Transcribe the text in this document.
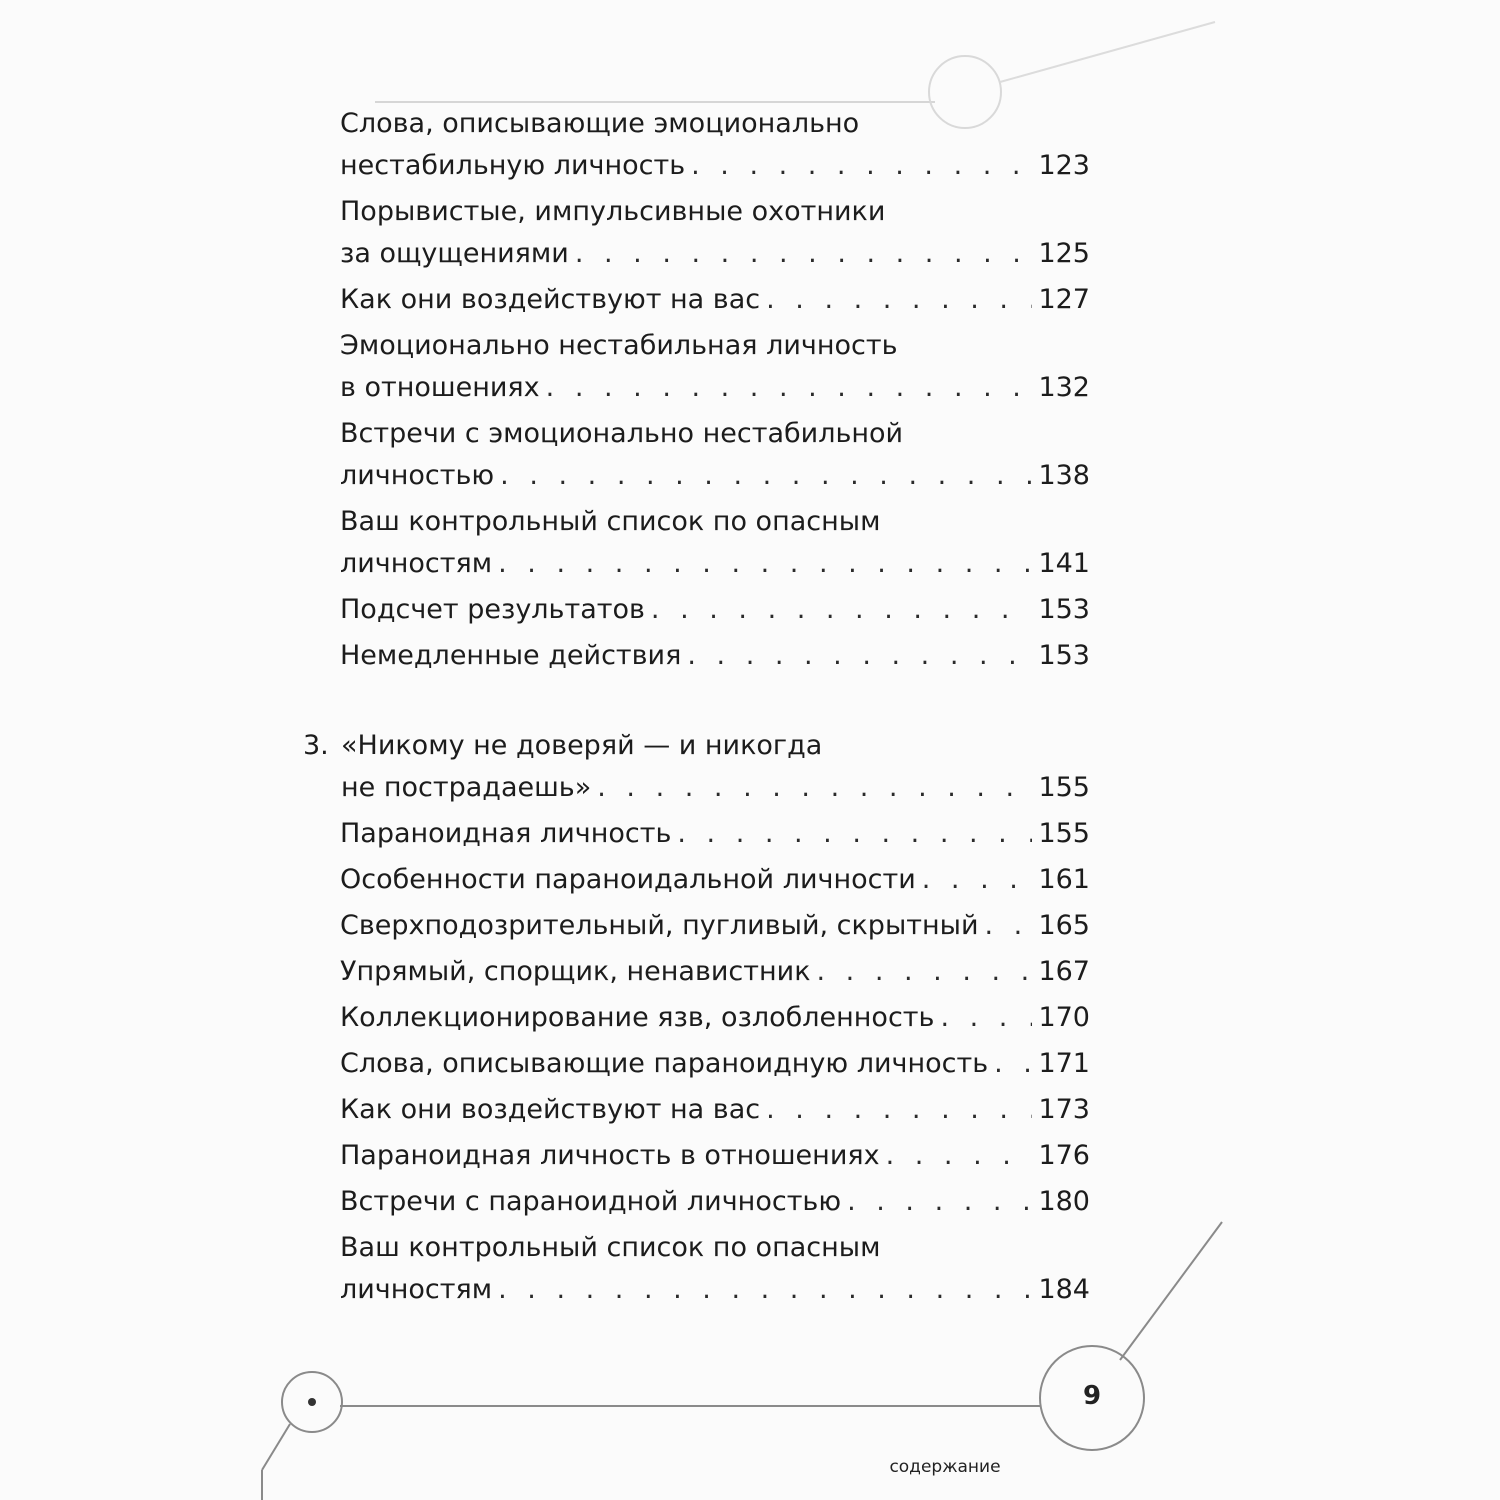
Слова, описывающие эмоционально
нестабильную личность . . .	123
Порывистые, импульсивные охотники
за ощущениями . . .	125
Как они воздействуют на вас . . .	127
Эмоционально нестабильная личность
в отношениях . . .	132
Встречи с эмоционально нестабильной
личностью . . .	138
Ваш контрольный список по опасным
личностям . . .	141
Подсчет результатов . . .	153
Немедленные действия . . .	153
3. «Никому не доверяй — и никогда
не пострадаешь» . . .	155
Параноидная личность . . .	155
Особенности параноидальной личности . . .	161
Сверхподозрительный, пугливый, скрытный . . . 165
Упрямый, спорщик, ненавистник . . .	167
Коллекционирование язв, озлобленность . . .	170
Слова, описывающие параноидную личность . . . 171
Как они воздействуют на вас . . .	173
Параноидная личность в отношениях . . .	176
Встречи с параноидной личностью . . .	180
Ваш контрольный список по опасным
личностям . . .	184
9
содержание
